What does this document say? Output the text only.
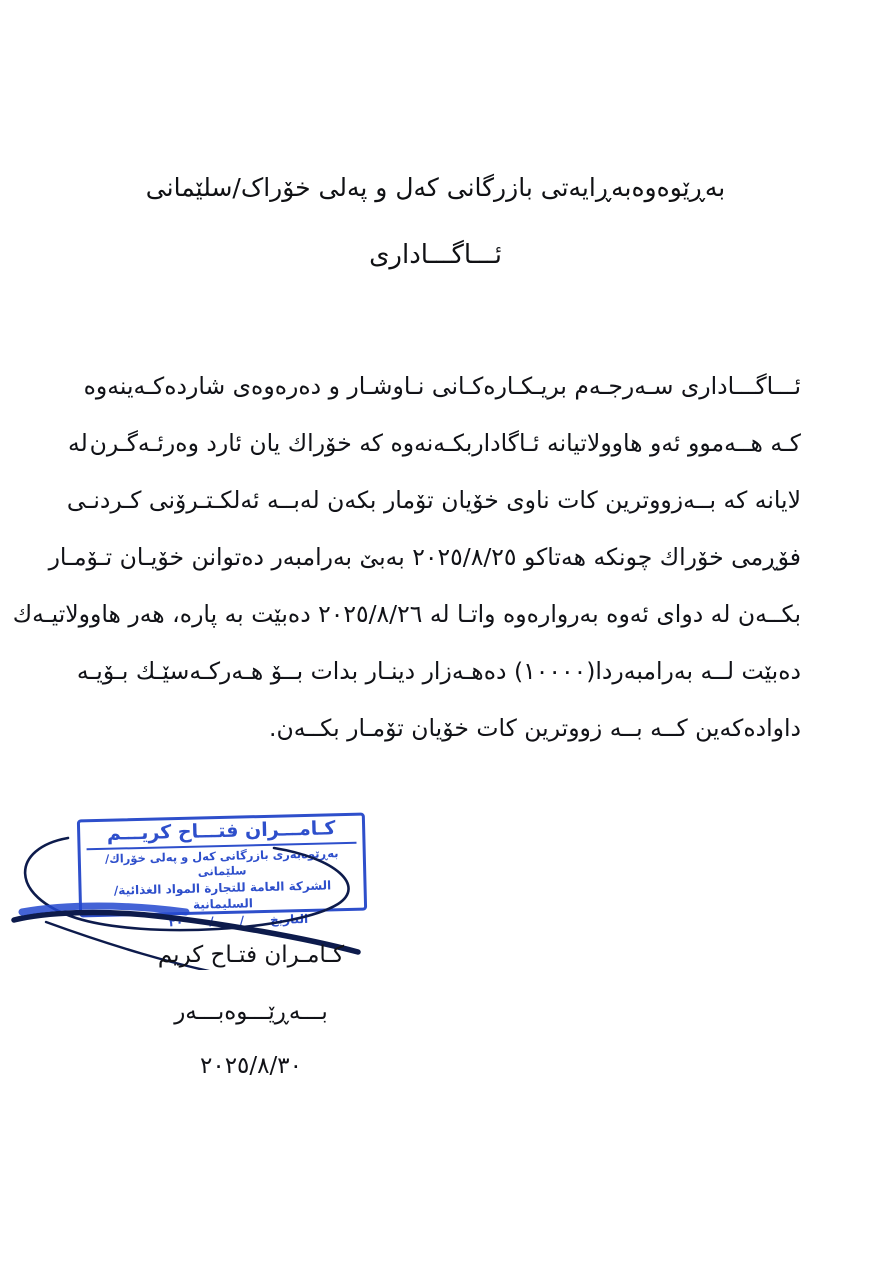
بەڕێوەوەبەڕایەتی بازرگانی کەل و پەلی خۆراک/سلێمانی
ئـــاگـــاداری
ئـــاگـــاداری سـەرجـەم بریـكـارەكـانی نـاوشـار و دەرەوەی شاردەكـەینەوە
كـە هــەموو ئەو هاوولاتیانە ئـاگاداربكـەنەوە كە خۆراك یان ئارد وەرئـەگـرن
لە
لایانە كە بــەزووترین كات ناوی خۆیان تۆمار بكەن لەبــە ئەلكـتـرۆنی كـردنـی
فۆڕمی خۆراك چونكە هەتاكو ٢٠٢٥/٨/٢٥ بەبێ بەرامبەر دەتوانن خۆیـان تـۆمـار
بكــەن لە دوای ئەوە بەروارەوە واتـا لە ٢٠٢٥/٨/٢٦ دەبێت بە پارە، هەر هاوولاتیـەك
دەبێت لــە بەرامبەردا(١٠٠٠٠) دەهـەزار دینـار بدات بــۆ هـەركـەسێـك بـۆیـە
داوادەكەین كــە بــە زووترین كات خۆیان تۆمـار بكــەن.
كـامـــران فتـــاح كریـــم
بەڕێوەبەری بازرگانی كەل و پەلی خۆراك/سلێمانی
الشركة العامة للتجارة المواد الغذائية/السليمانية
التاريخ
/
/
٢٠
كـامـران فتـاح كریم
بـــەڕێـــوەبـــەر
٢٠٢٥/٨/٣٠
